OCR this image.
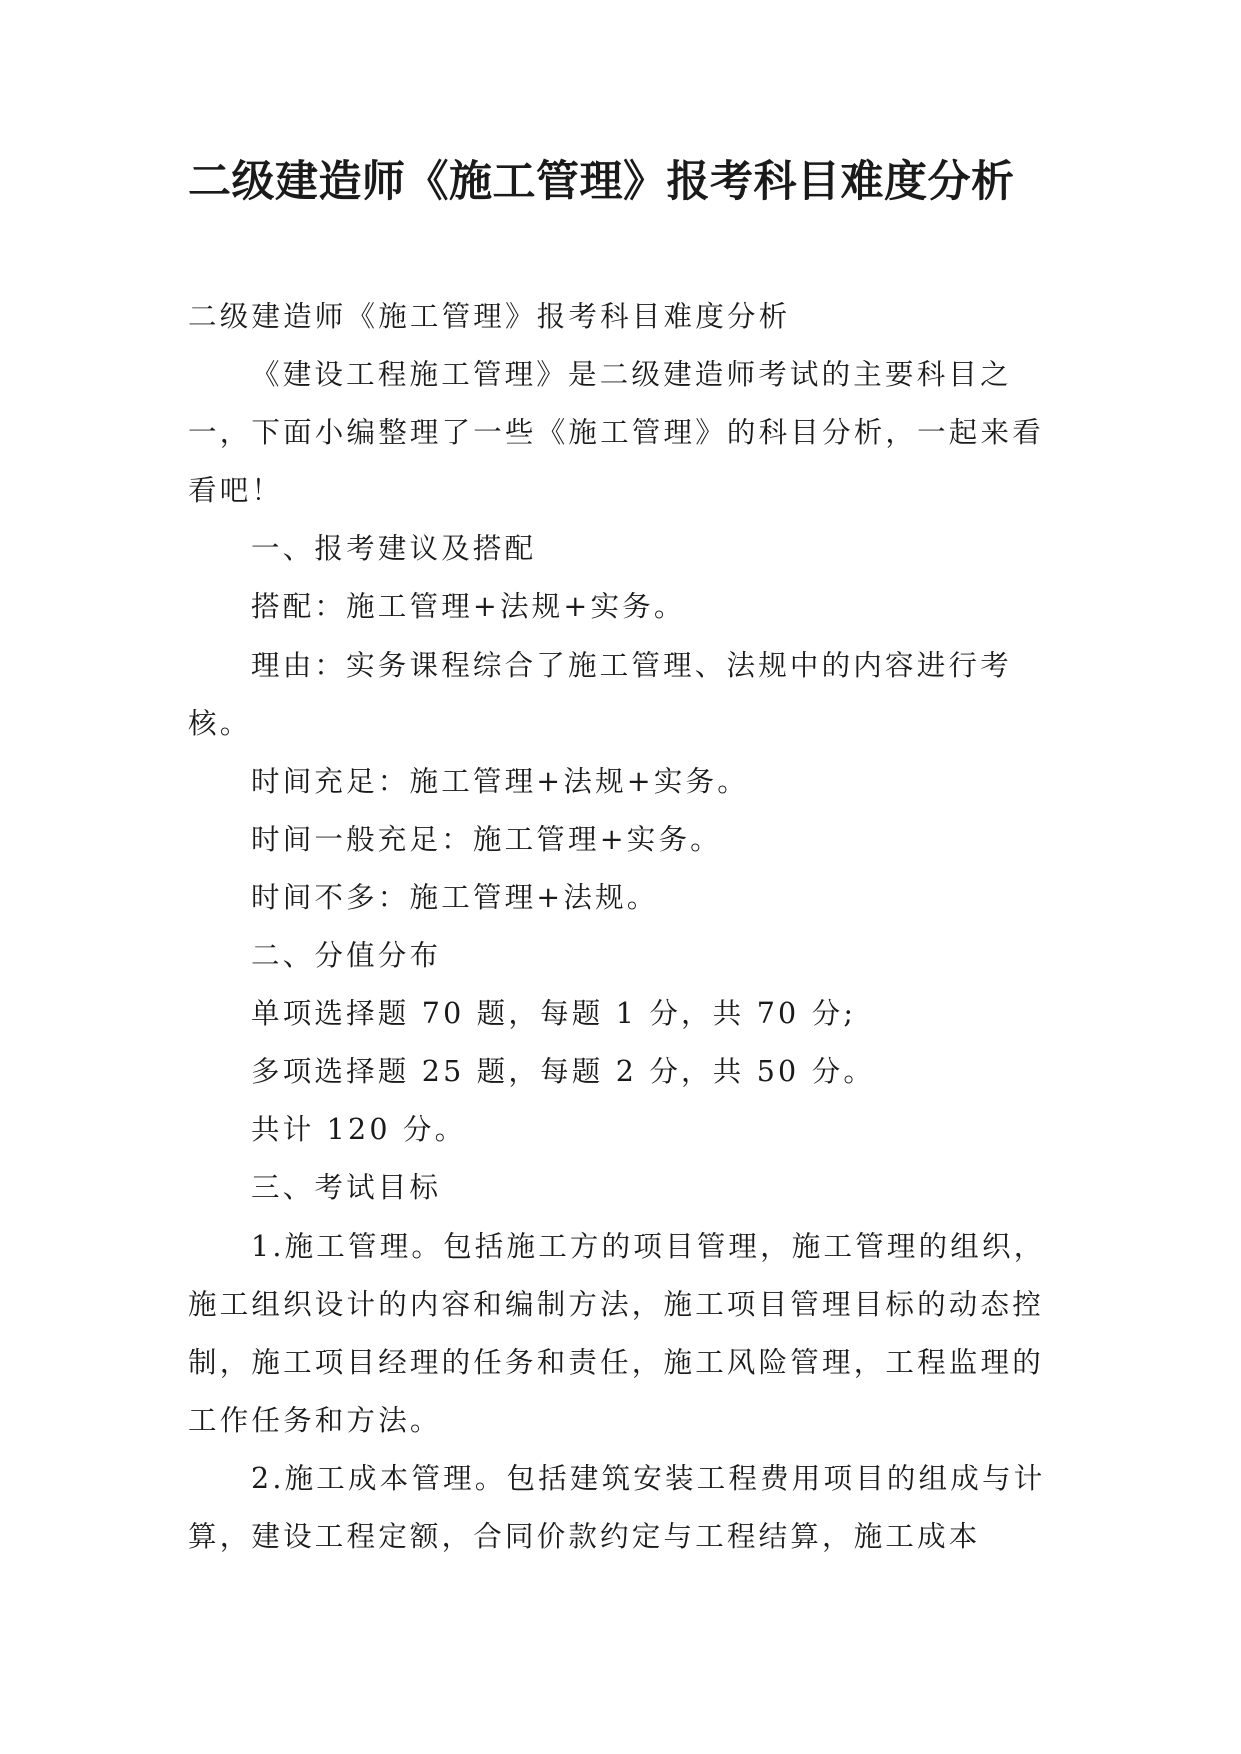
二级建造师《施工管理》报考科目难度分析

二级建造师《施工管理》报考科目难度分析

《建设工程施工管理》是二级建造师考试的主要科目之一，下面小编整理了一些《施工管理》的科目分析，一起来看看吧！

一、报考建议及搭配

搭配：施工管理+法规+实务。

理由：实务课程综合了施工管理、法规中的内容进行考核。

时间充足：施工管理+法规+实务。

时间一般充足：施工管理+实务。

时间不多：施工管理+法规。

二、分值分布

单项选择题 70 题，每题 1 分，共 70 分;

多项选择题 25 题，每题 2 分，共 50 分。

共计 120 分。

三、考试目标

1.施工管理。包括施工方的项目管理，施工管理的组织，施工组织设计的内容和编制方法，施工项目管理目标的动态控制，施工项目经理的任务和责任，施工风险管理，工程监理的工作任务和方法。

2.施工成本管理。包括建筑安装工程费用项目的组成与计算，建设工程定额，合同价款约定与工程结算，施工成本
